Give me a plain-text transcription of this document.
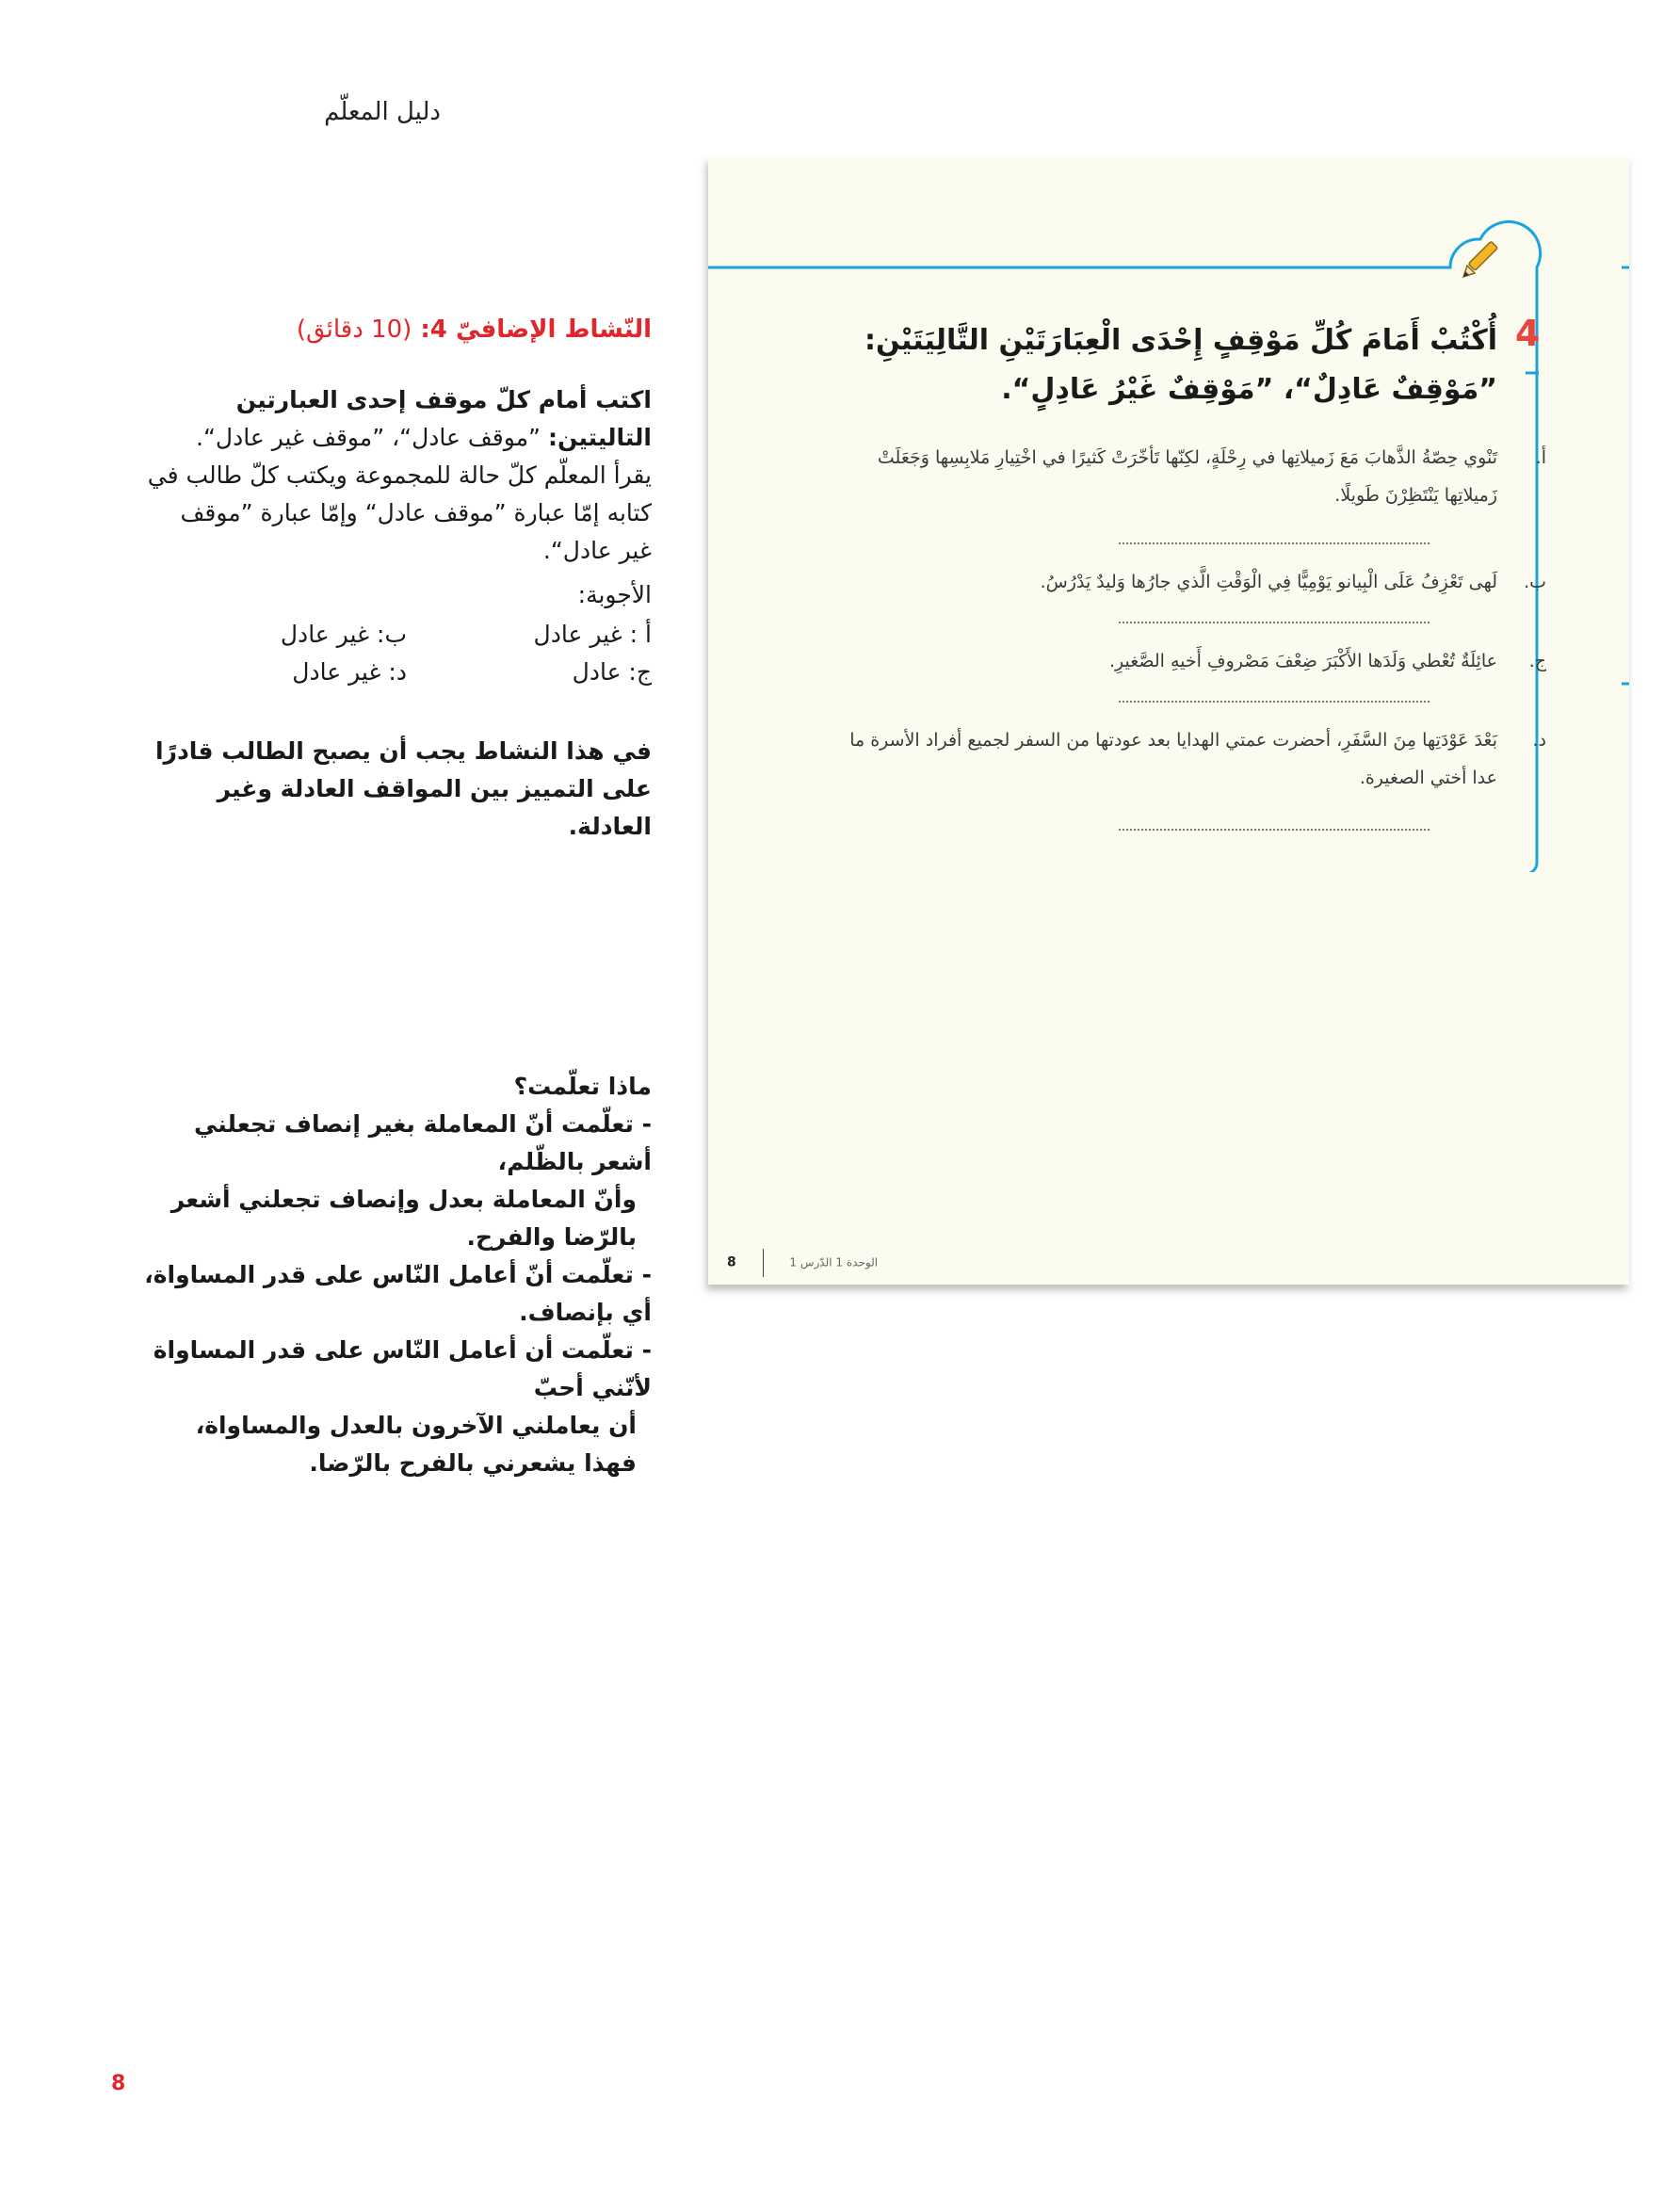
دليل المعلّم
النّشاط الإضافيّ 4: (10 دقائق)
اكتب أمام كلّ موقف إحدى العبارتين التاليتين: ”موقف عادل“، ”موقف غير عادل“.
يقرأ المعلّم كلّ حالة للمجموعة ويكتب كلّ طالب في كتابه إمّا عبارة ”موقف عادل“ وإمّا عبارة ”موقف غير عادل“.
الأجوبة:
أ : غير عادل
ب: غير عادل
ج: عادل
د: غير عادل
في هذا النشاط يجب أن يصبح الطالب قادرًا على التمييز بين المواقف العادلة وغير العادلة.
ماذا تعلّمت؟
- تعلّمت أنّ المعاملة بغير إنصاف تجعلني أشعر بالظّلم،
وأنّ المعاملة بعدل وإنصاف تجعلني أشعر بالرّضا والفرح.
- تعلّمت أنّ أعامل النّاس على قدر المساواة، أي بإنصاف.
- تعلّمت أن أعامل النّاس على قدر المساواة لأنّني أحبّ
أن يعاملني الآخرون بالعدل والمساواة، فهذا يشعرني بالفرح بالرّضا.
4
أُكْتُبْ أَمَامَ كُلِّ مَوْقِفٍ إِحْدَى الْعِبَارَتَيْنِ التَّالِيَتَيْنِ: ”مَوْقِفٌ عَادِلٌ“، ”مَوْقِفٌ غَيْرُ عَادِلٍ“.
أ.
تَنْوي حِصّةُ الذَّهابَ مَعَ زَميلاتِها في رِحْلَةٍ، لكِنّها تَأخّرَتْ كَثيرًا في اخْتِيارِ مَلابِسِها وَجَعَلَتْ زَميلاتِها يَنْتَظِرْنَ طَويلًا.
ب.
لَهى تَعْزِفُ عَلَى الْبِيانو يَوْمِيًّا فِي الْوَقْتِ الَّذي جارُها وَليدٌ يَدْرُسُ.
ج.
عائِلَةٌ تُعْطي وَلَدَها الأَكْبَرَ ضِعْفَ مَصْروفِ أَخيهِ الصَّغيرِ.
د.
بَعْدَ عَوْدَتِها مِنَ السَّفَرِ، أحضرت عمتي الهدايا بعد عودتها من السفر لجميع أفراد الأسرة ما عدا أختي الصغيرة.
8	الوحدة 1 الدّرس 1
8
